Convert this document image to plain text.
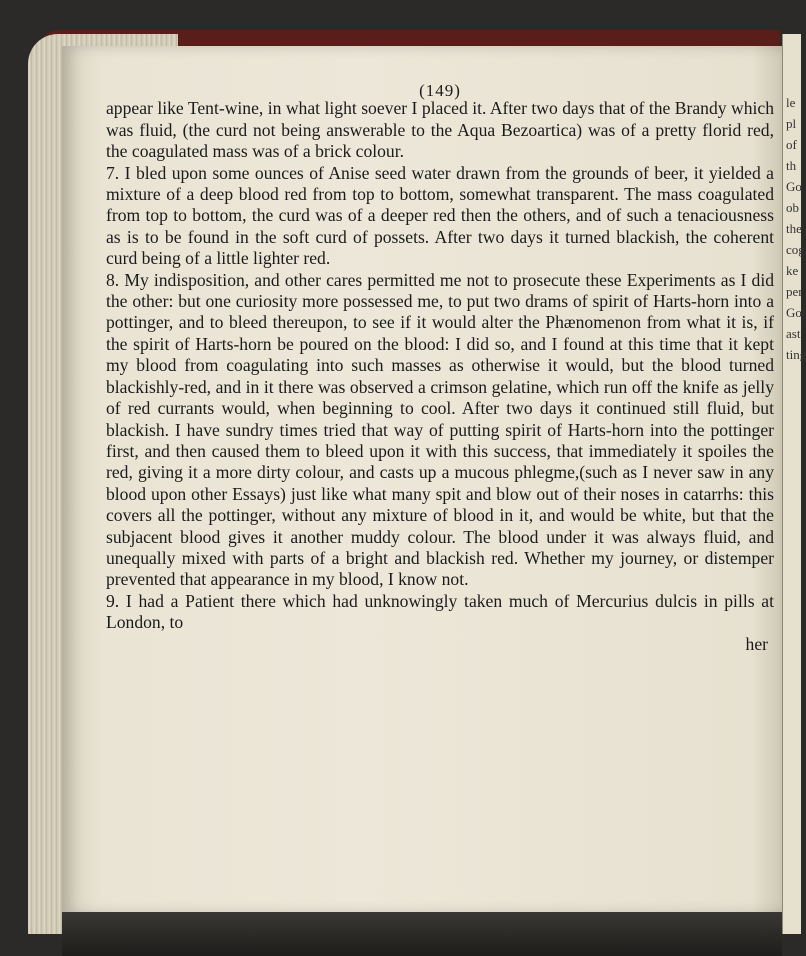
le
pl
of
th
Go
ob
the
cog
ke
per
Gol
ast
ting
(149)

appear like Tent-wine, in what light soever I placed it. After two days that of the Brandy which was fluid, (the curd not being answerable to the Aqua Bezoartica) was of a pretty florid red, the coagulated mass was of a brick colour.

7. I bled upon some ounces of Anise seed water drawn from the grounds of beer, it yielded a mixture of a deep blood red from top to bottom, somewhat transparent. The mass coagulated from top to bottom, the curd was of a deeper red then the others, and of such a tenaciousness as is to be found in the soft curd of possets. After two days it turned blackish, the coherent curd being of a little lighter red.

8. My indisposition, and other cares permitted me not to prosecute these Experiments as I did the other: but one curiosity more possessed me, to put two drams of spirit of Harts-horn into a pottinger, and to bleed thereupon, to see if it would alter the Phænomenon from what it is, if the spirit of Harts-horn be poured on the blood: I did so, and I found at this time that it kept my blood from coagulating into such masses as otherwise it would, but the blood turned blackishly-red, and in it there was observed a crimson gelatine, which run off the knife as jelly of red currants would, when beginning to cool. After two days it continued still fluid, but blackish. I have sundry times tried that way of putting spirit of Harts-horn into the pottinger first, and then caused them to bleed upon it with this success, that immediately it spoiles the red, giving it a more dirty colour, and casts up a mucous phlegme,(such as I never saw in any blood upon other Essays) just like what many spit and blow out of their noses in catarrhs: this covers all the pottinger, without any mixture of blood in it, and would be white, but that the subjacent blood gives it another muddy colour. The blood under it was always fluid, and unequally mixed with parts of a bright and blackish red. Whether my journey, or distemper prevented that appearance in my blood, I know not.

9. I had a Patient there which had unknowingly taken much of Mercurius dulcis in pills at London, to

her
